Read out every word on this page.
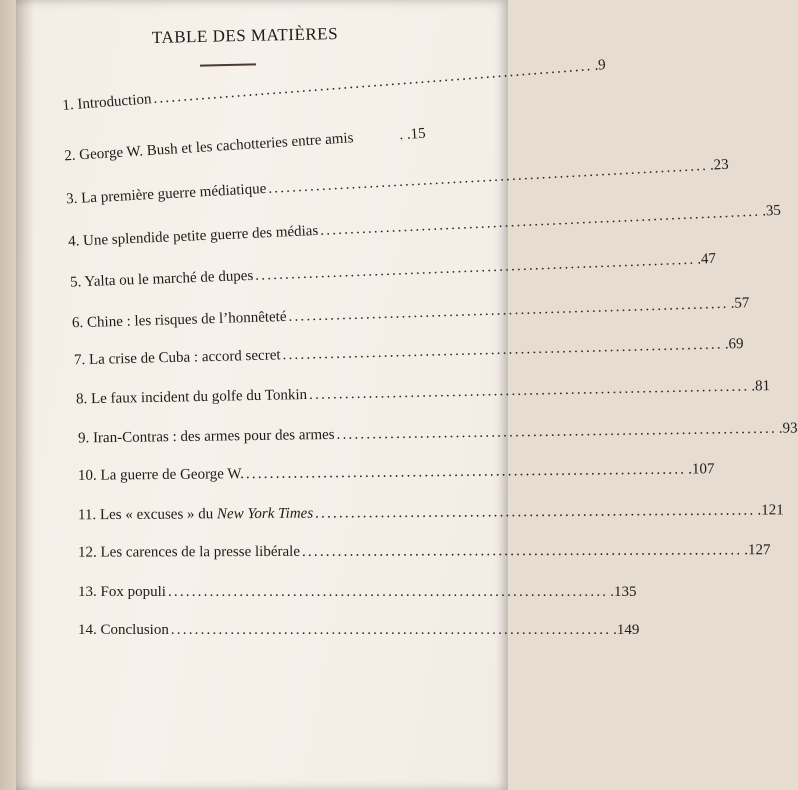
TABLE DES MATIÈRES
1. Introduction .......................................................................... .9
2. George W. Bush et les cachotteries entre amis	. .15
3. La première guerre médiatique .......................................................................... .23
4. Une splendide petite guerre des médias .......................................................................... .35
5. Yalta ou le marché de dupes .......................................................................... .47
6. Chine : les risques de l’honnêteté .......................................................................... .57
7. La crise de Cuba : accord secret .......................................................................... .69
8. Le faux incident du golfe du Tonkin .......................................................................... .81
9. Iran-Contras : des armes pour des armes .......................................................................... .93
10. La guerre de George W. .......................................................................... .107
11. Les « excuses » du New York Times .......................................................................... .121
12. Les carences de la presse libérale .......................................................................... .127
13. Fox populi .......................................................................... .135
14. Conclusion .......................................................................... .149
